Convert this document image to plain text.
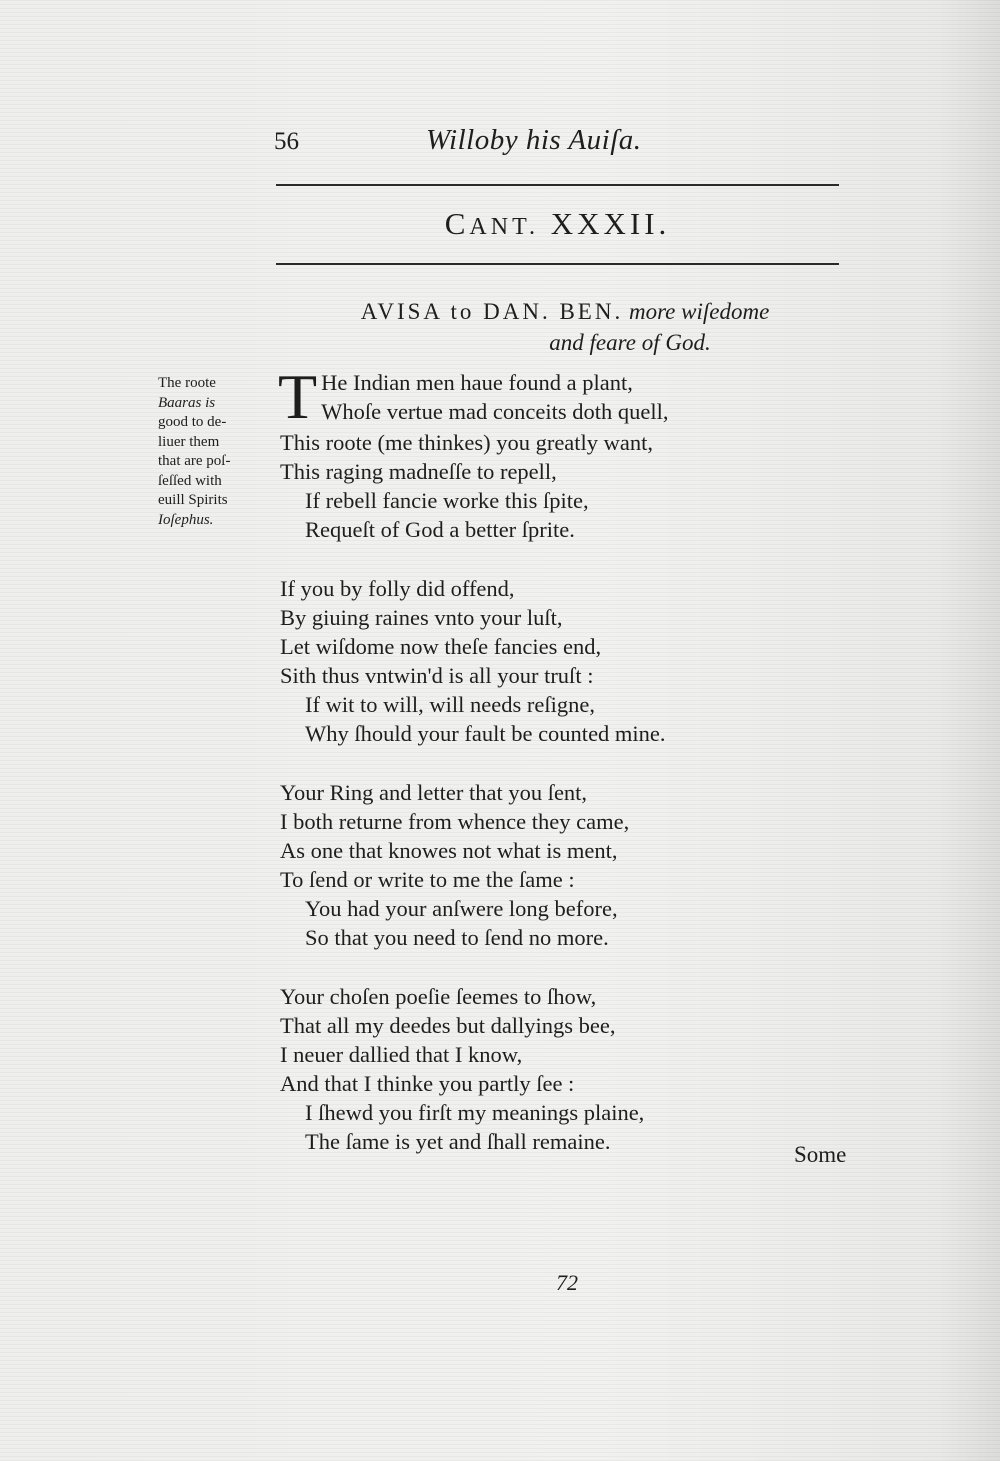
56	Willoby his Auiſa.
CANT. XXXII.
AVISA to DAN. BEN. more wiſedome
and feare of God.
The roote
Baaras is
good to de-
liuer them
that are poſ-
ſeſſed with
euill Spirits
Ioſephus.
T He Indian men haue found a plant,
Whoſe vertue mad conceits doth quell,
This roote (me thinkes) you greatly want,
This raging madneſſe to repell,
If rebell fancie worke this ſpite,
Requeſt of God a better ſprite.
If you by folly did offend,
By giuing raines vnto your luſt,
Let wiſdome now theſe fancies end,
Sith thus vntwin'd is all your truſt :
If wit to will, will needs reſigne,
Why ſhould your fault be counted mine.
Your Ring and letter that you ſent,
I both returne from whence they came,
As one that knowes not what is ment,
To ſend or write to me the ſame :
You had your anſwere long before,
So that you need to ſend no more.
Your choſen poeſie ſeemes to ſhow,
That all my deedes but dallyings bee,
I neuer dallied that I know,
And that I thinke you partly ſee :
I ſhewd you firſt my meanings plaine,
The ſame is yet and ſhall remaine.
Some
72
